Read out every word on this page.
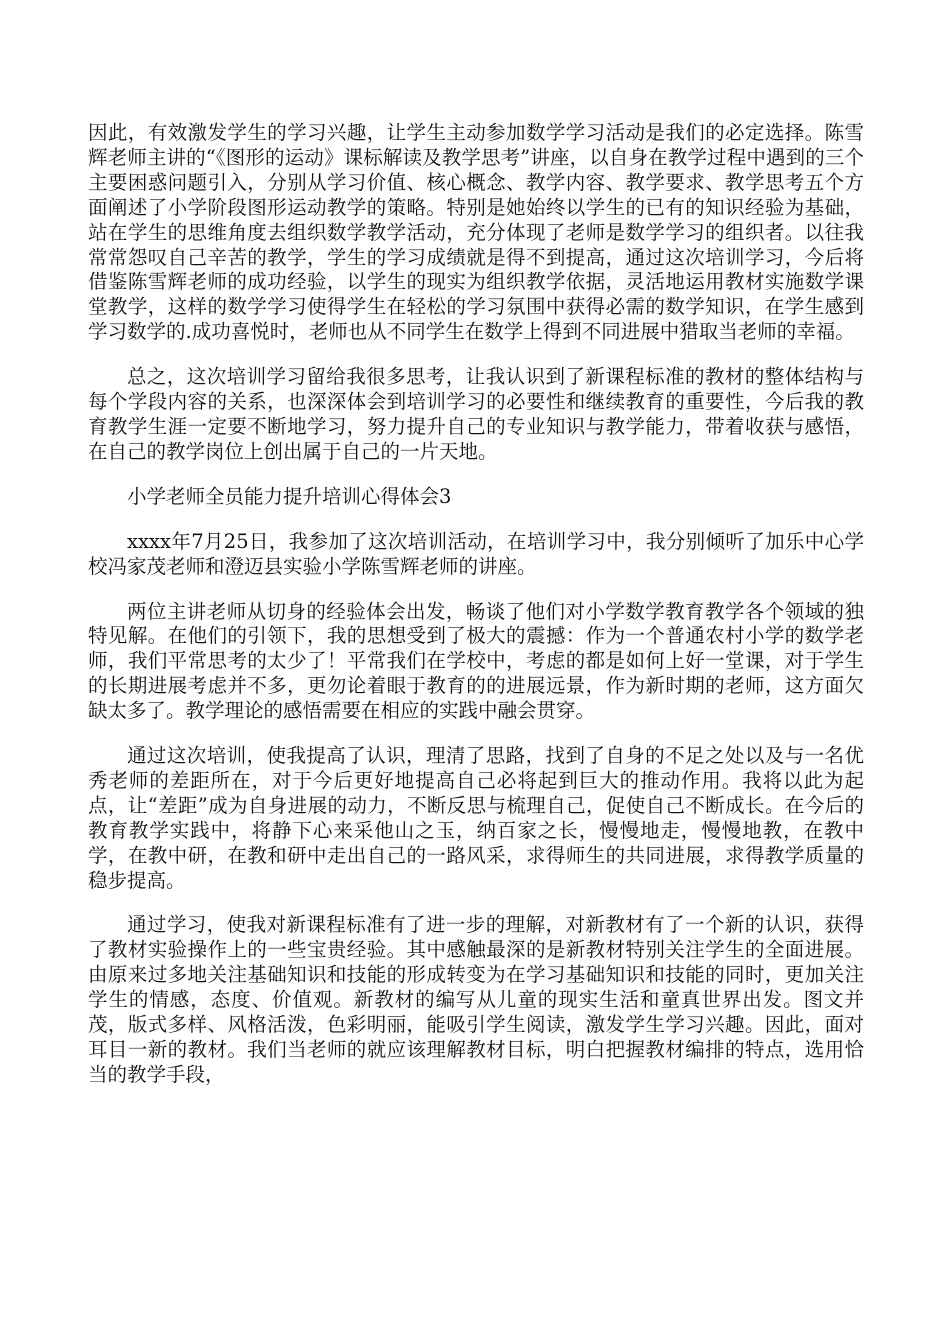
因此，有效激发学生的学习兴趣，让学生主动参加数学学习活动是我们的必定选择。陈雪辉老师主讲的“《图形的运动》课标解读及教学思考”讲座，以自身在教学过程中遇到的三个主要困惑问题引入，分别从学习价值、核心概念、教学内容、教学要求、教学思考五个方面阐述了小学阶段图形运动教学的策略。特别是她始终以学生的已有的知识经验为基础，站在学生的思维角度去组织数学教学活动，充分体现了老师是数学学习的组织者。以往我常常怨叹自己辛苦的教学，学生的学习成绩就是得不到提高，通过这次培训学习，今后将借鉴陈雪辉老师的成功经验，以学生的现实为组织教学依据，灵活地运用教材实施数学课堂教学，这样的数学学习使得学生在轻松的学习氛围中获得必需的数学知识，在学生感到学习数学的.成功喜悦时，老师也从不同学生在数学上得到不同进展中猎取当老师的幸福。

总之，这次培训学习留给我很多思考，让我认识到了新课程标准的教材的整体结构与每个学段内容的关系，也深深体会到培训学习的必要性和继续教育的重要性，今后我的教育教学生涯一定要不断地学习，努力提升自己的专业知识与教学能力，带着收获与感悟，在自己的教学岗位上创出属于自己的一片天地。

小学老师全员能力提升培训心得体会3

xxxx年7月25日，我参加了这次培训活动，在培训学习中，我分别倾听了加乐中心学校冯家茂老师和澄迈县实验小学陈雪辉老师的讲座。

两位主讲老师从切身的经验体会出发，畅谈了他们对小学数学教育教学各个领域的独特见解。在他们的引领下，我的思想受到了极大的震撼：作为一个普通农村小学的数学老师，我们平常思考的太少了！平常我们在学校中，考虑的都是如何上好一堂课，对于学生的长期进展考虑并不多，更勿论着眼于教育的的进展远景，作为新时期的老师，这方面欠缺太多了。教学理论的感悟需要在相应的实践中融会贯穿。

通过这次培训，使我提高了认识，理清了思路，找到了自身的不足之处以及与一名优秀老师的差距所在，对于今后更好地提高自己必将起到巨大的推动作用。我将以此为起点，让“差距”成为自身进展的动力，不断反思与梳理自己，促使自己不断成长。在今后的教育教学实践中，将静下心来采他山之玉，纳百家之长，慢慢地走，慢慢地教，在教中学，在教中研，在教和研中走出自己的一路风采，求得师生的共同进展，求得教学质量的稳步提高。

通过学习，使我对新课程标准有了进一步的理解，对新教材有了一个新的认识，获得了教材实验操作上的一些宝贵经验。其中感触最深的是新教材特别关注学生的全面进展。由原来过多地关注基础知识和技能的形成转变为在学习基础知识和技能的同时，更加关注学生的情感，态度、价值观。新教材的编写从儿童的现实生活和童真世界出发。图文并茂，版式多样、风格活泼，色彩明丽，能吸引学生阅读，激发学生学习兴趣。因此，面对耳目一新的教材。我们当老师的就应该理解教材目标，明白把握教材编排的特点，选用恰当的教学手段，
